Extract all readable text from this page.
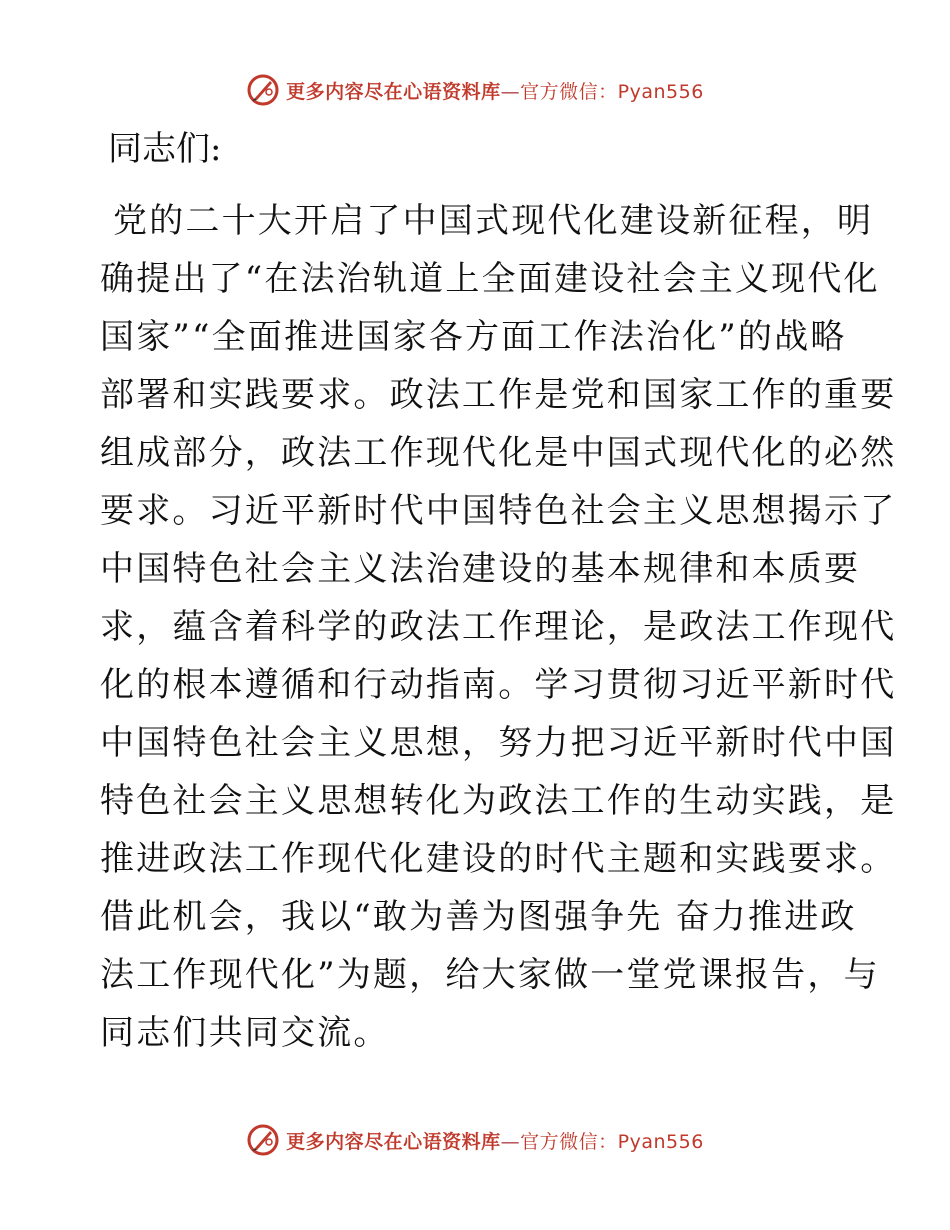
更多内容尽在心语资料库—官方微信：Pyan556

同志们:

党的二十大开启了中国式现代化建设新征程，明
确提出了“在法治轨道上全面建设社会主义现代化
国家”“全面推进国家各方面工作法治化”的战略
部署和实践要求。政法工作是党和国家工作的重要
组成部分，政法工作现代化是中国式现代化的必然
要求。习近平新时代中国特色社会主义思想揭示了
中国特色社会主义法治建设的基本规律和本质要
求，蕴含着科学的政法工作理论，是政法工作现代
化的根本遵循和行动指南。学习贯彻习近平新时代
中国特色社会主义思想，努力把习近平新时代中国
特色社会主义思想转化为政法工作的生动实践，是
推进政法工作现代化建设的时代主题和实践要求。
借此机会，我以“敢为善为图强争先 奋力推进政
法工作现代化”为题，给大家做一堂党课报告，与
同志们共同交流。
更多内容尽在心语资料库—官方微信：Pyan556
